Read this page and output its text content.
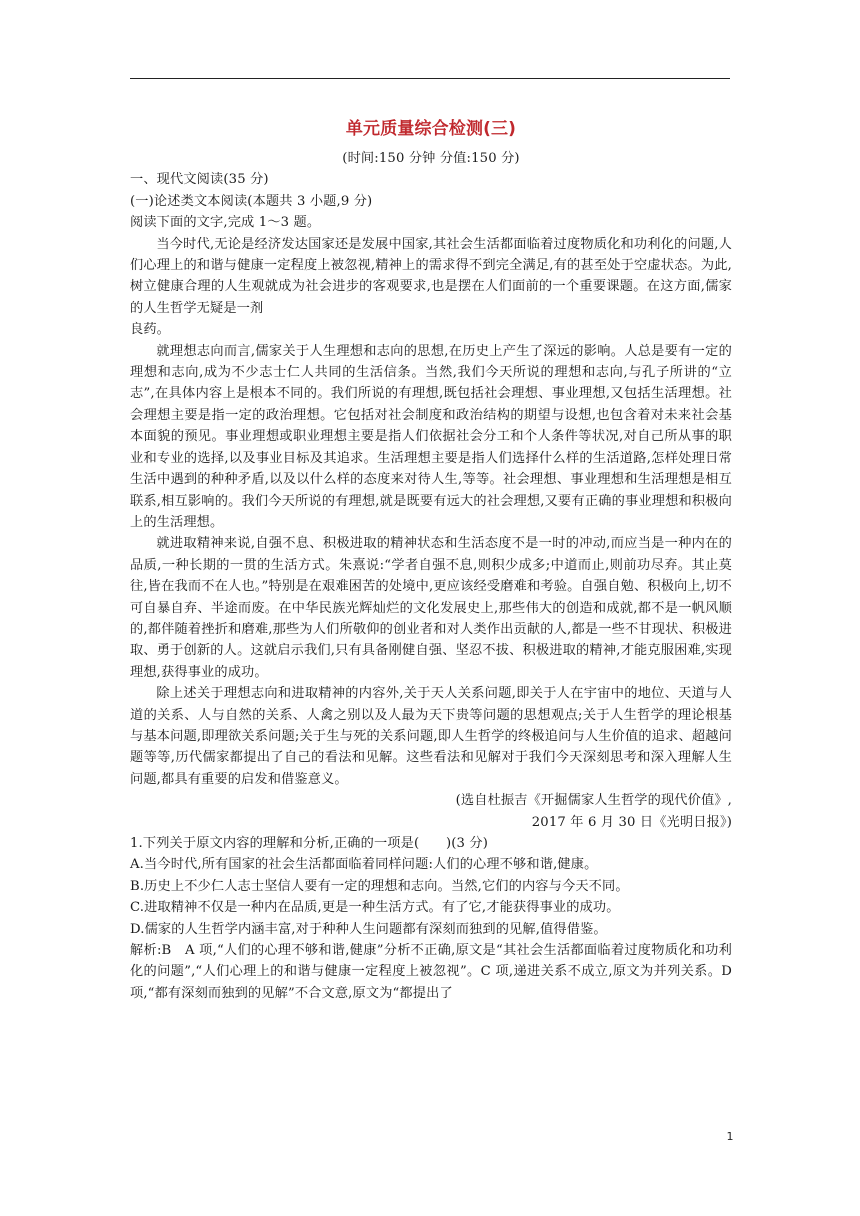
单元质量综合检测(三)

(时间:150 分钟 分值:150 分)

一、现代文阅读(35 分)

(一)论述类文本阅读(本题共 3 小题,9 分)

阅读下面的文字,完成 1～3 题。

当今时代,无论是经济发达国家还是发展中国家,其社会生活都面临着过度物质化和功利化的问题,人们心理上的和谐与健康一定程度上被忽视,精神上的需求得不到完全满足,有的甚至处于空虚状态。为此,树立健康合理的人生观就成为社会进步的客观要求,也是摆在人们面前的一个重要课题。在这方面,儒家的人生哲学无疑是一剂

良药。

就理想志向而言,儒家关于人生理想和志向的思想,在历史上产生了深远的影响。人总是要有一定的理想和志向,成为不少志士仁人共同的生活信条。当然,我们今天所说的理想和志向,与孔子所讲的“立志”,在具体内容上是根本不同的。我们所说的有理想,既包括社会理想、事业理想,又包括生活理想。社会理想主要是指一定的政治理想。它包括对社会制度和政治结构的期望与设想,也包含着对未来社会基本面貌的预见。事业理想或职业理想主要是指人们依据社会分工和个人条件等状况,对自己所从事的职业和专业的选择,以及事业目标及其追求。生活理想主要是指人们选择什么样的生活道路,怎样处理日常生活中遇到的种种矛盾,以及以什么样的态度来对待人生,等等。社会理想、事业理想和生活理想是相互联系,相互影响的。我们今天所说的有理想,就是既要有远大的社会理想,又要有正确的事业理想和积极向上的生活理想。

就进取精神来说,自强不息、积极进取的精神状态和生活态度不是一时的冲动,而应当是一种内在的品质,一种长期的一贯的生活方式。朱熹说:“学者自强不息,则积少成多;中道而止,则前功尽弃。其止莫往,皆在我而不在人也。”特别是在艰难困苦的处境中,更应该经受磨难和考验。自强自勉、积极向上,切不可自暴自弃、半途而废。在中华民族光辉灿烂的文化发展史上,那些伟大的创造和成就,都不是一帆风顺的,都伴随着挫折和磨难,那些为人们所敬仰的创业者和对人类作出贡献的人,都是一些不甘现状、积极进取、勇于创新的人。这就启示我们,只有具备刚健自强、坚忍不拔、积极进取的精神,才能克服困难,实现理想,获得事业的成功。

除上述关于理想志向和进取精神的内容外,关于天人关系问题,即关于人在宇宙中的地位、天道与人道的关系、人与自然的关系、人禽之别以及人最为天下贵等问题的思想观点;关于人生哲学的理论根基与基本问题,即理欲关系问题;关于生与死的关系问题,即人生哲学的终极追问与人生价值的追求、超越问题等等,历代儒家都提出了自己的看法和见解。这些看法和见解对于我们今天深刻思考和深入理解人生问题,都具有重要的启发和借鉴意义。

(选自杜振吉《开掘儒家人生哲学的现代价值》,

2017 年 6 月 30 日《光明日报》)

1.下列关于原文内容的理解和分析,正确的一项是(　　)(3 分)

A.当今时代,所有国家的社会生活都面临着同样问题:人们的心理不够和谐,健康。

B.历史上不少仁人志士坚信人要有一定的理想和志向。当然,它们的内容与今天不同。

C.进取精神不仅是一种内在品质,更是一种生活方式。有了它,才能获得事业的成功。

D.儒家的人生哲学内涵丰富,对于种种人生问题都有深刻而独到的见解,值得借鉴。

解析:B　A 项,“人们的心理不够和谐,健康”分析不正确,原文是“其社会生活都面临着过度物质化和功利化的问题”,“人们心理上的和谐与健康一定程度上被忽视”。C 项,递进关系不成立,原文为并列关系。D 项,“都有深刻而独到的见解”不合文意,原文为“都提出了

1
